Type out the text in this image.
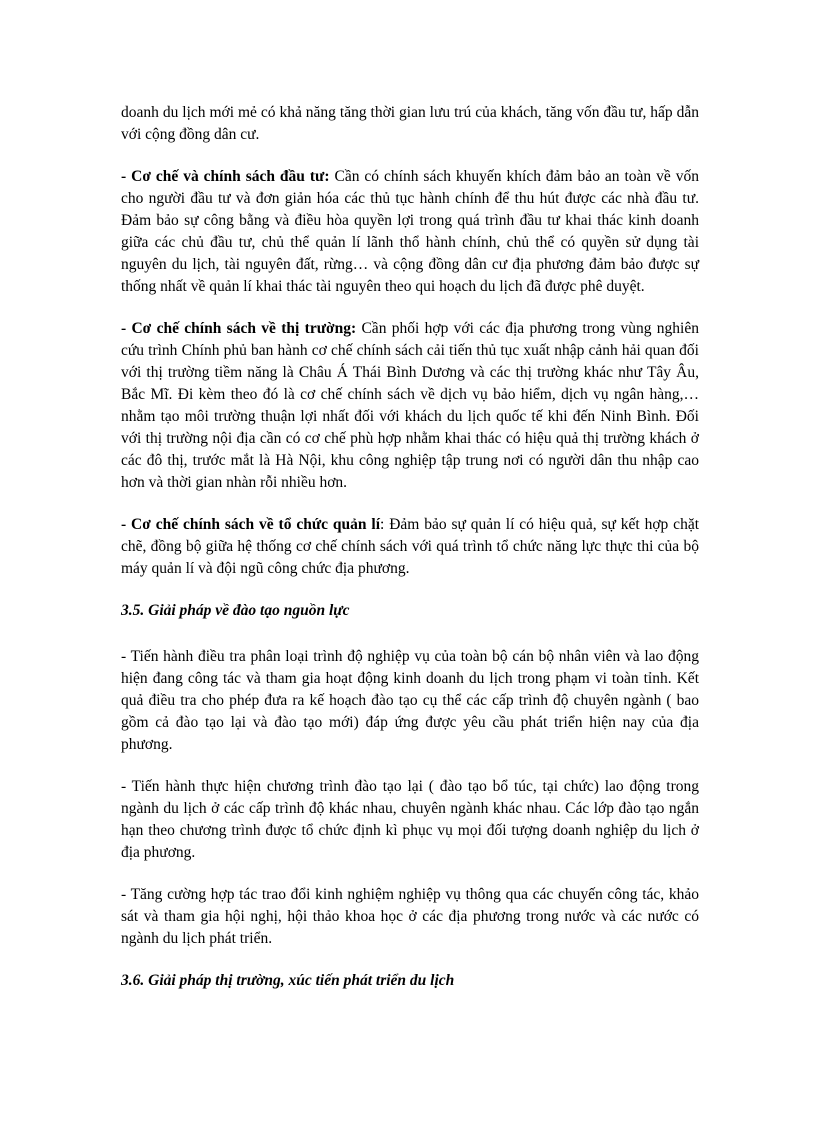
doanh du lịch mới mẻ có khả năng tăng thời gian lưu trú của khách, tăng vốn đầu tư, hấp dẫn với cộng đồng dân cư.

- Cơ chế và chính sách đầu tư: Cần có chính sách khuyến khích đảm bảo an toàn về vốn cho người đầu tư và đơn giản hóa các thủ tục hành chính để thu hút được các nhà đầu tư. Đảm bảo sự công bằng và điều hòa quyền lợi trong quá trình đầu tư khai thác kinh doanh giữa các chủ đầu tư, chủ thể quản lí lãnh thổ hành chính, chủ thể có quyền sử dụng tài nguyên du lịch, tài nguyên đất, rừng… và cộng đồng dân cư địa phương đảm bảo được sự thống nhất về quản lí khai thác tài nguyên theo qui hoạch du lịch đã được phê duyệt.

- Cơ chế chính sách về thị trường: Cần phối hợp với các địa phương trong vùng nghiên cứu trình Chính phủ ban hành cơ chế chính sách cải tiến thủ tục xuất nhập cảnh hải quan đối với thị trường tiềm năng là Châu Á Thái Bình Dương và các thị trường khác như Tây Âu, Bắc Mĩ. Đi kèm theo đó là cơ chế chính sách về dịch vụ bảo hiểm, dịch vụ ngân hàng,… nhằm tạo môi trường thuận lợi nhất đối với khách du lịch quốc tế khi đến Ninh Bình. Đối với thị trường nội địa cần có cơ chế phù hợp nhằm khai thác có hiệu quả thị trường khách ở các đô thị, trước mắt là Hà Nội, khu công nghiệp tập trung nơi có người dân thu nhập cao hơn và thời gian nhàn rỗi nhiều hơn.

- Cơ chế chính sách về tổ chức quản lí: Đảm bảo sự quản lí có hiệu quả, sự kết hợp chặt chẽ, đồng bộ giữa hệ thống cơ chế chính sách với quá trình tổ chức năng lực thực thi của bộ máy quản lí và đội ngũ công chức địa phương.

3.5. Giải pháp về đào tạo nguồn lực

- Tiến hành điều tra phân loại trình độ nghiệp vụ của toàn bộ cán bộ nhân viên và lao động hiện đang công tác và tham gia hoạt động kinh doanh du lịch trong phạm vi toàn tỉnh. Kết quả điều tra cho phép đưa ra kế hoạch đào tạo cụ thể các cấp trình độ chuyên ngành ( bao gồm cả đào tạo lại và đào tạo mới) đáp ứng được yêu cầu phát triển hiện nay của địa phương.

- Tiến hành thực hiện chương trình đào tạo lại ( đào tạo bổ túc, tại chức) lao động trong ngành du lịch ở các cấp trình độ khác nhau, chuyên ngành khác nhau. Các lớp đào tạo ngắn hạn theo chương trình được tổ chức định kì phục vụ mọi đối tượng doanh nghiệp du lịch ở địa phương.

- Tăng cường hợp tác trao đổi kinh nghiệm nghiệp vụ thông qua các chuyến công tác, khảo sát và tham gia hội nghị, hội thảo khoa học ở các địa phương trong nước và các nước có ngành du lịch phát triển.

3.6. Giải pháp thị trường, xúc tiến phát triển du lịch
